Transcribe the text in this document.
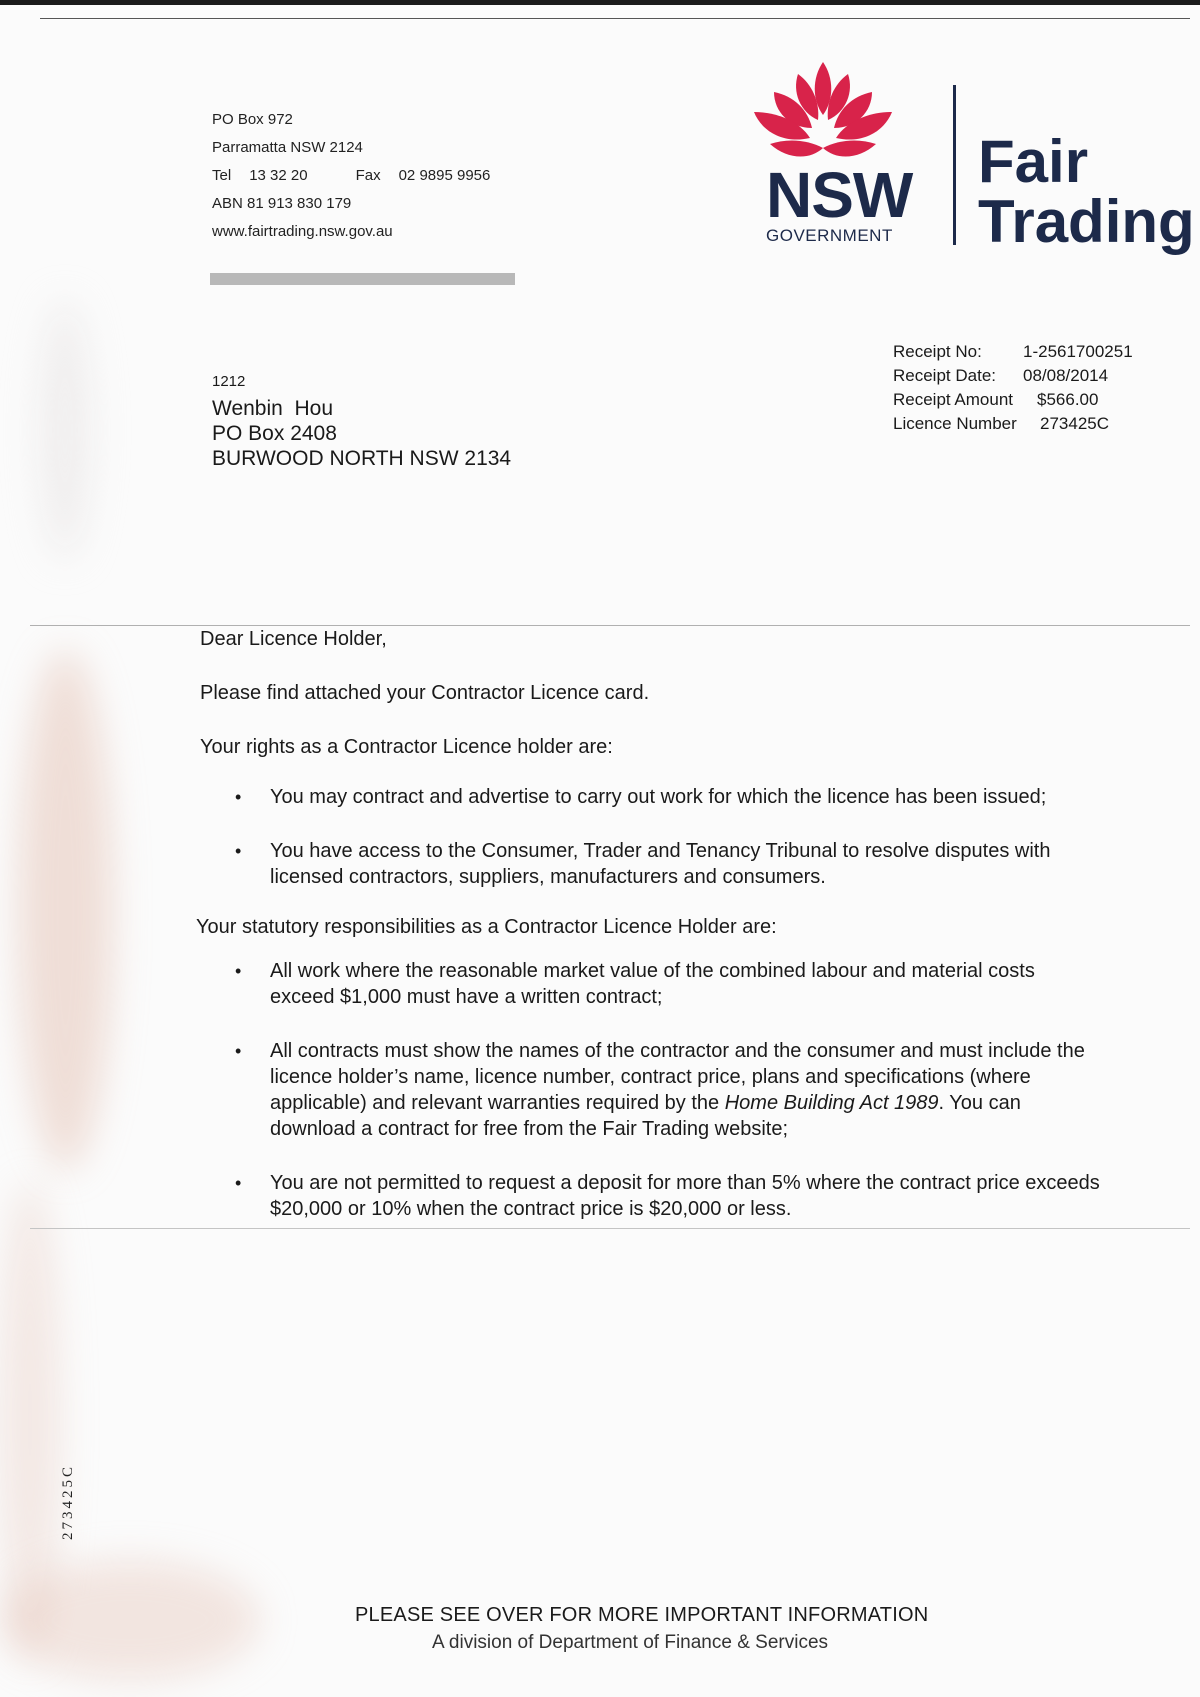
PO Box 972
Parramatta NSW 2124
Tel 13 32 20	Fax 02 9895 9956
ABN 81 913 830 179
www.fairtrading.nsw.gov.au
NSW
GOVERNMENT
Fair
Trading
Receipt No:	1-2561700251
Receipt Date:	08/08/2014
Receipt Amount	$566.00
Licence Number	273425C
1212
Wenbin  Hou
PO Box 2408
BURWOOD NORTH NSW 2134

Dear Licence Holder,

Please find attached your Contractor Licence card.

Your rights as a Contractor Licence holder are:

•	You may contract and advertise to carry out work for which the licence has been issued;
•	You have access to the Consumer, Trader and Tenancy Tribunal to resolve disputes with licensed contractors, suppliers, manufacturers and consumers.

Your statutory responsibilities as a Contractor Licence Holder are:

•	All work where the reasonable market value of the combined labour and material costs exceed $1,000 must have a written contract;
•	All contracts must show the names of the contractor and the consumer and must include the licence holder’s name, licence number, contract price, plans and specifications (where applicable) and relevant warranties required by the Home Building Act 1989. You can download a contract for free from the Fair Trading website;
•	You are not permitted to request a deposit for more than 5% where the contract price exceeds $20,000 or 10% when the contract price is $20,000 or less.
PLEASE SEE OVER FOR MORE IMPORTANT INFORMATION
A division of Department of Finance & Services
273425C
